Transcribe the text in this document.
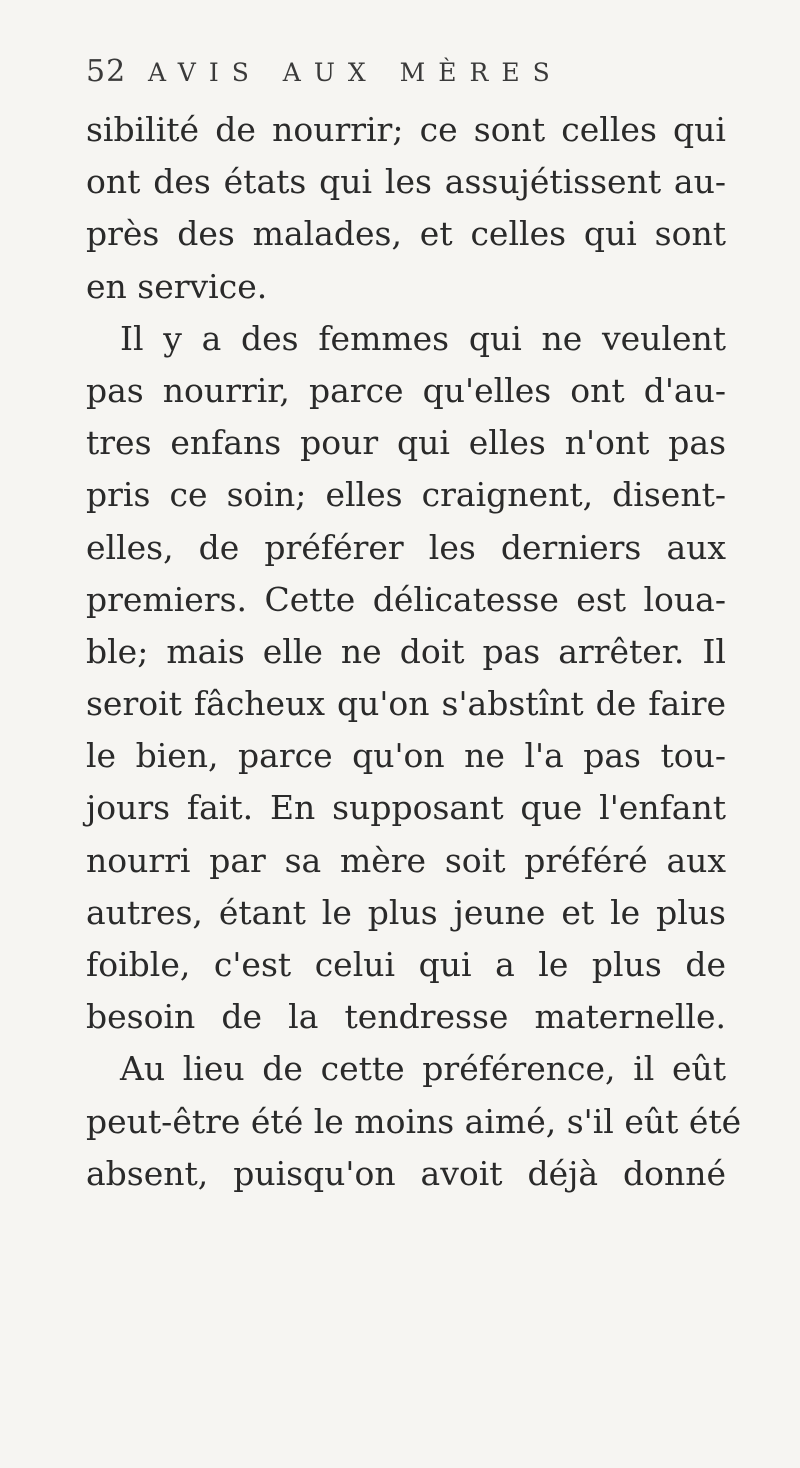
52 AVIS AUX MÈRES
sibilité de nourrir; ce sont celles qui
ont des états qui les assujétissent au-
près des malades, et celles qui sont
en service.
Il y a des femmes qui ne veulent
pas nourrir, parce qu'elles ont d'au-
tres enfans pour qui elles n'ont pas
pris ce soin; elles craignent, disent-
elles, de préférer les derniers aux
premiers. Cette délicatesse est loua-
ble; mais elle ne doit pas arrêter. Il
seroit fâcheux qu'on s'abstînt de faire
le bien, parce qu'on ne l'a pas tou-
jours fait. En supposant que l'enfant
nourri par sa mère soit préféré aux
autres, étant le plus jeune et le plus
foible, c'est celui qui a le plus de
besoin de la tendresse maternelle.
Au lieu de cette préférence, il eût
peut-être été le moins aimé, s'il eût été
absent, puisqu'on avoit déjà donné
